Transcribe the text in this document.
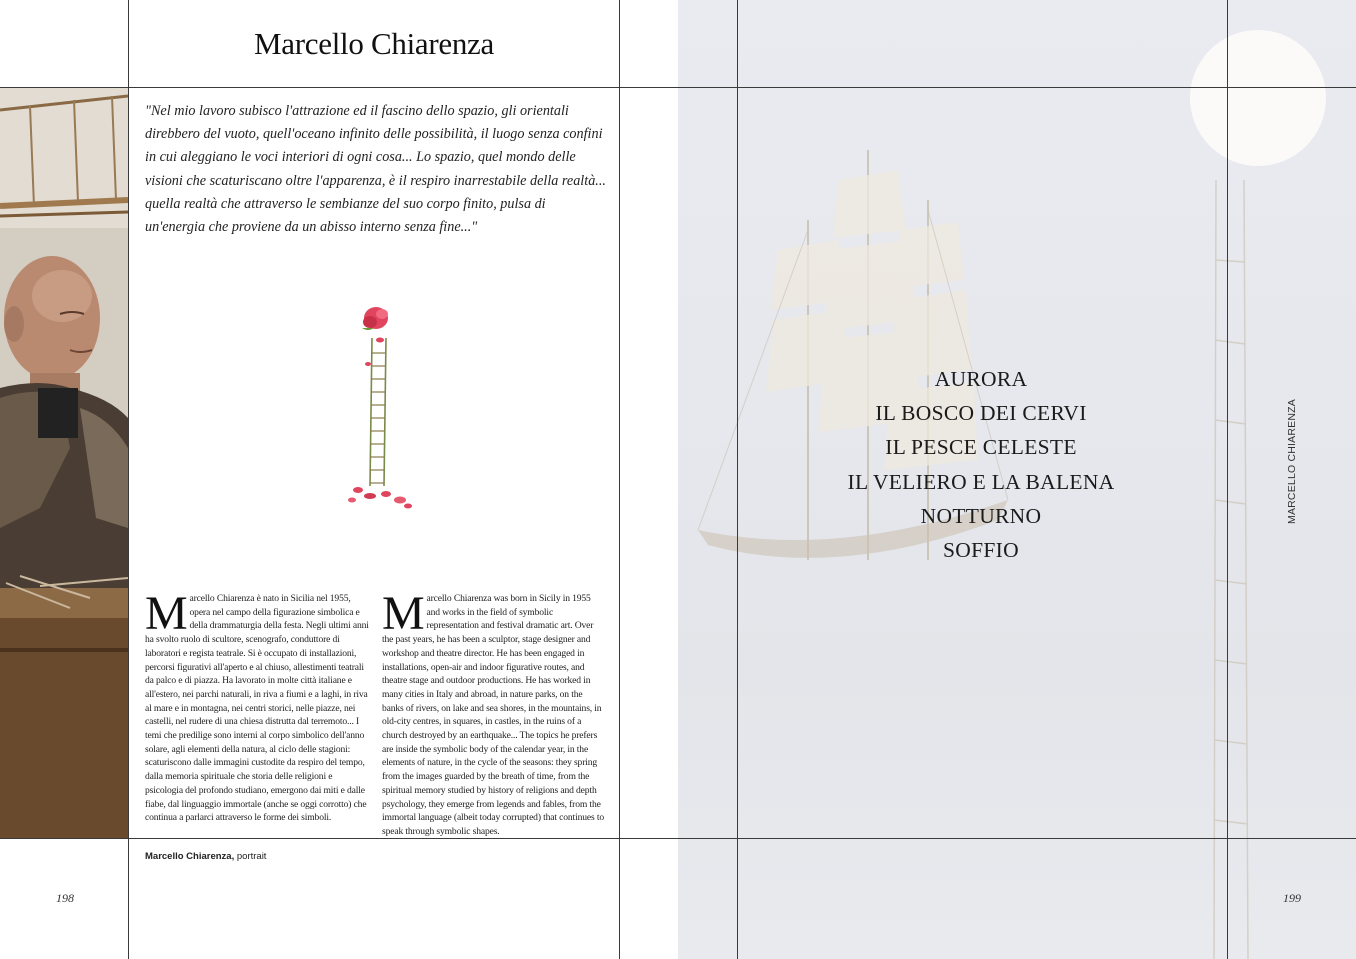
Marcello Chiarenza
"Nel mio lavoro subisco l'attrazione ed il fascino dello spazio, gli orientali direbbero del vuoto, quell'oceano infinito delle possibilità, il luogo senza confini in cui aleggiano le voci interiori di ogni cosa... Lo spazio, quel mondo delle visioni che scaturiscano oltre l'apparenza, è il respiro inarrestabile della realtà... quella realtà che attraverso le sembianze del suo corpo finito, pulsa di un'energia che proviene da un abisso interno senza fine..."
Marcello Chiarenza è nato in Sicilia nel 1955, opera nel campo della figurazione simbolica e della drammaturgia della festa. Negli ultimi anni ha svolto ruolo di scultore, scenografo, conduttore di laboratori e regista teatrale. Si è occupato di installazioni, percorsi figurativi all'aperto e al chiuso, allestimenti teatrali da palco e di piazza. Ha lavorato in molte città italiane e all'estero, nei parchi naturali, in riva a fiumi e a laghi, in riva al mare e in montagna, nei centri storici, nelle piazze, nei castelli, nel rudere di una chiesa distrutta dal terremoto... I temi che predilige sono interni al corpo simbolico dell'anno solare, agli elementi della natura, al ciclo delle stagioni: scaturiscono dalle immagini custodite da respiro del tempo, dalla memoria spirituale che storia delle religioni e psicologia del profondo studiano, emergono dai miti e dalle fiabe, dal linguaggio immortale (anche se oggi corrotto) che continua a parlarci attraverso le forme dei simboli.
Marcello Chiarenza was born in Sicily in 1955 and works in the field of symbolic representation and festival dramatic art. Over the past years, he has been a sculptor, stage designer and workshop and theatre director. He has been engaged in installations, open-air and indoor figurative routes, and theatre stage and outdoor productions. He has worked in many cities in Italy and abroad, in nature parks, on the banks of rivers, on lake and sea shores, in the mountains, in old-city centres, in squares, in castles, in the ruins of a church destroyed by an earthquake... The topics he prefers are inside the symbolic body of the calendar year, in the elements of nature, in the cycle of the seasons: they spring from the images guarded by the breath of time, from the spiritual memory studied by history of religions and depth psychology, they emerge from legends and fables, from the immortal language (albeit today corrupted) that continues to speak through symbolic shapes.
Marcello Chiarenza, portrait
198
AURORA
IL BOSCO DEI CERVI
IL PESCE CELESTE
IL VELIERO E LA BALENA
NOTTURNO
SOFFIO
MARCELLO CHIARENZA
199
